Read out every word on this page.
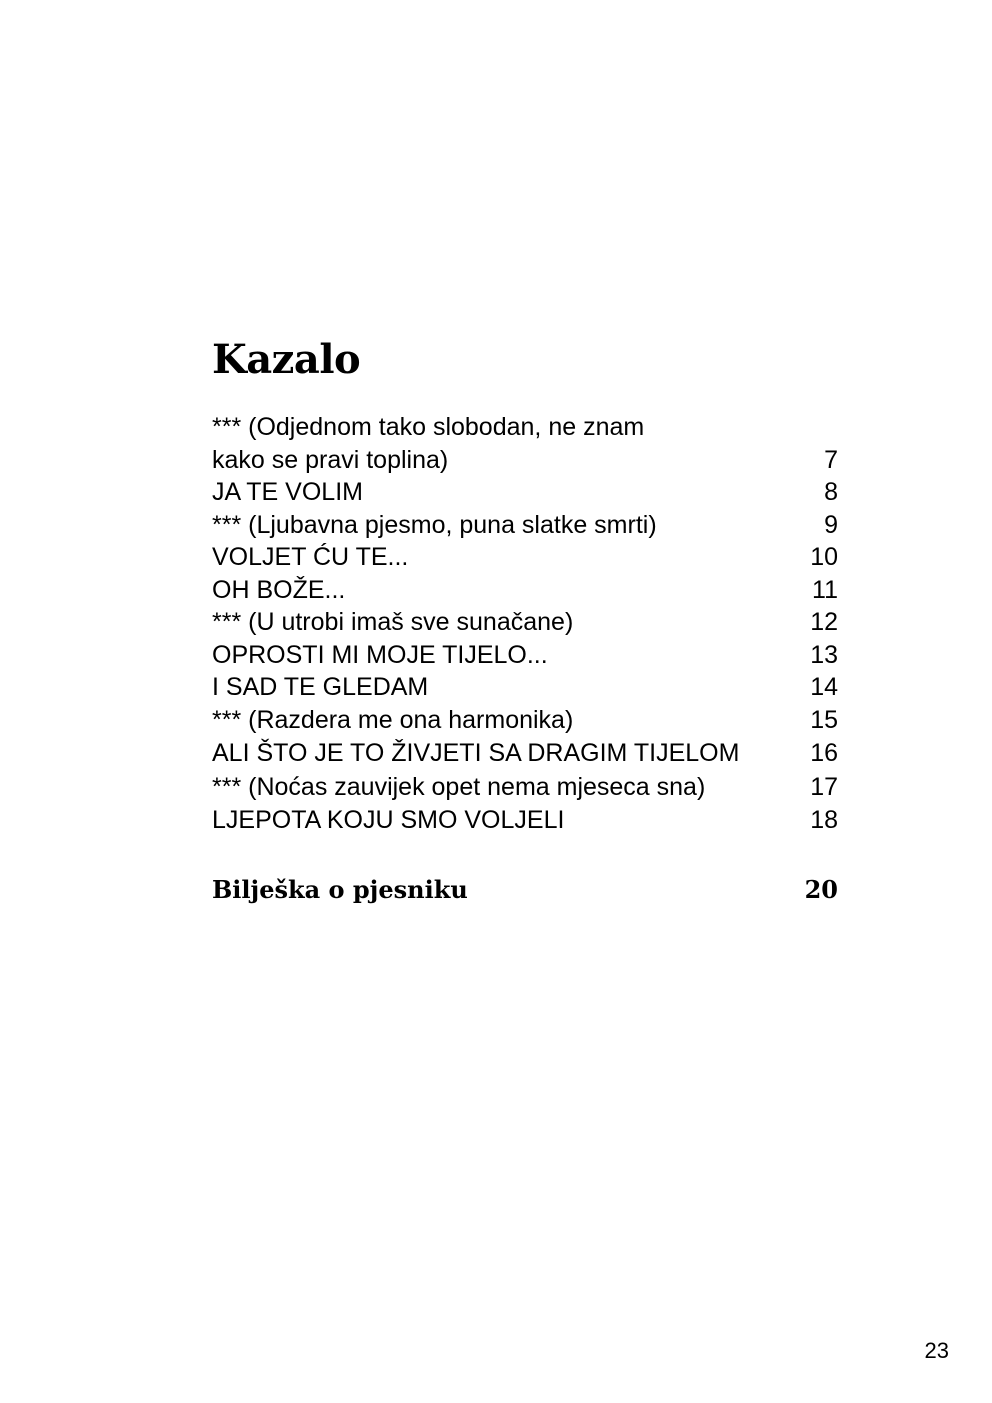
Kazalo
*** (Odjednom tako slobodan, ne znam
kako se pravi toplina)	7
JA TE VOLIM	8
*** (Ljubavna pjesmo, puna slatke smrti)	9
VOLJET ĆU TE...	10
OH BOŽE...	11
*** (U utrobi imaš sve sunačane)	12
OPROSTI MI MOJE TIJELO...	13
I SAD TE GLEDAM	14
*** (Razdera me ona harmonika)	15
ALI ŠTO JE TO ŽIVJETI SA DRAGIM TIJELOM	16
*** (Noćas zauvijek opet nema mjeseca sna)	17
LJEPOTA KOJU SMO VOLJELI	18
Bilješka o pjesniku	20
23
